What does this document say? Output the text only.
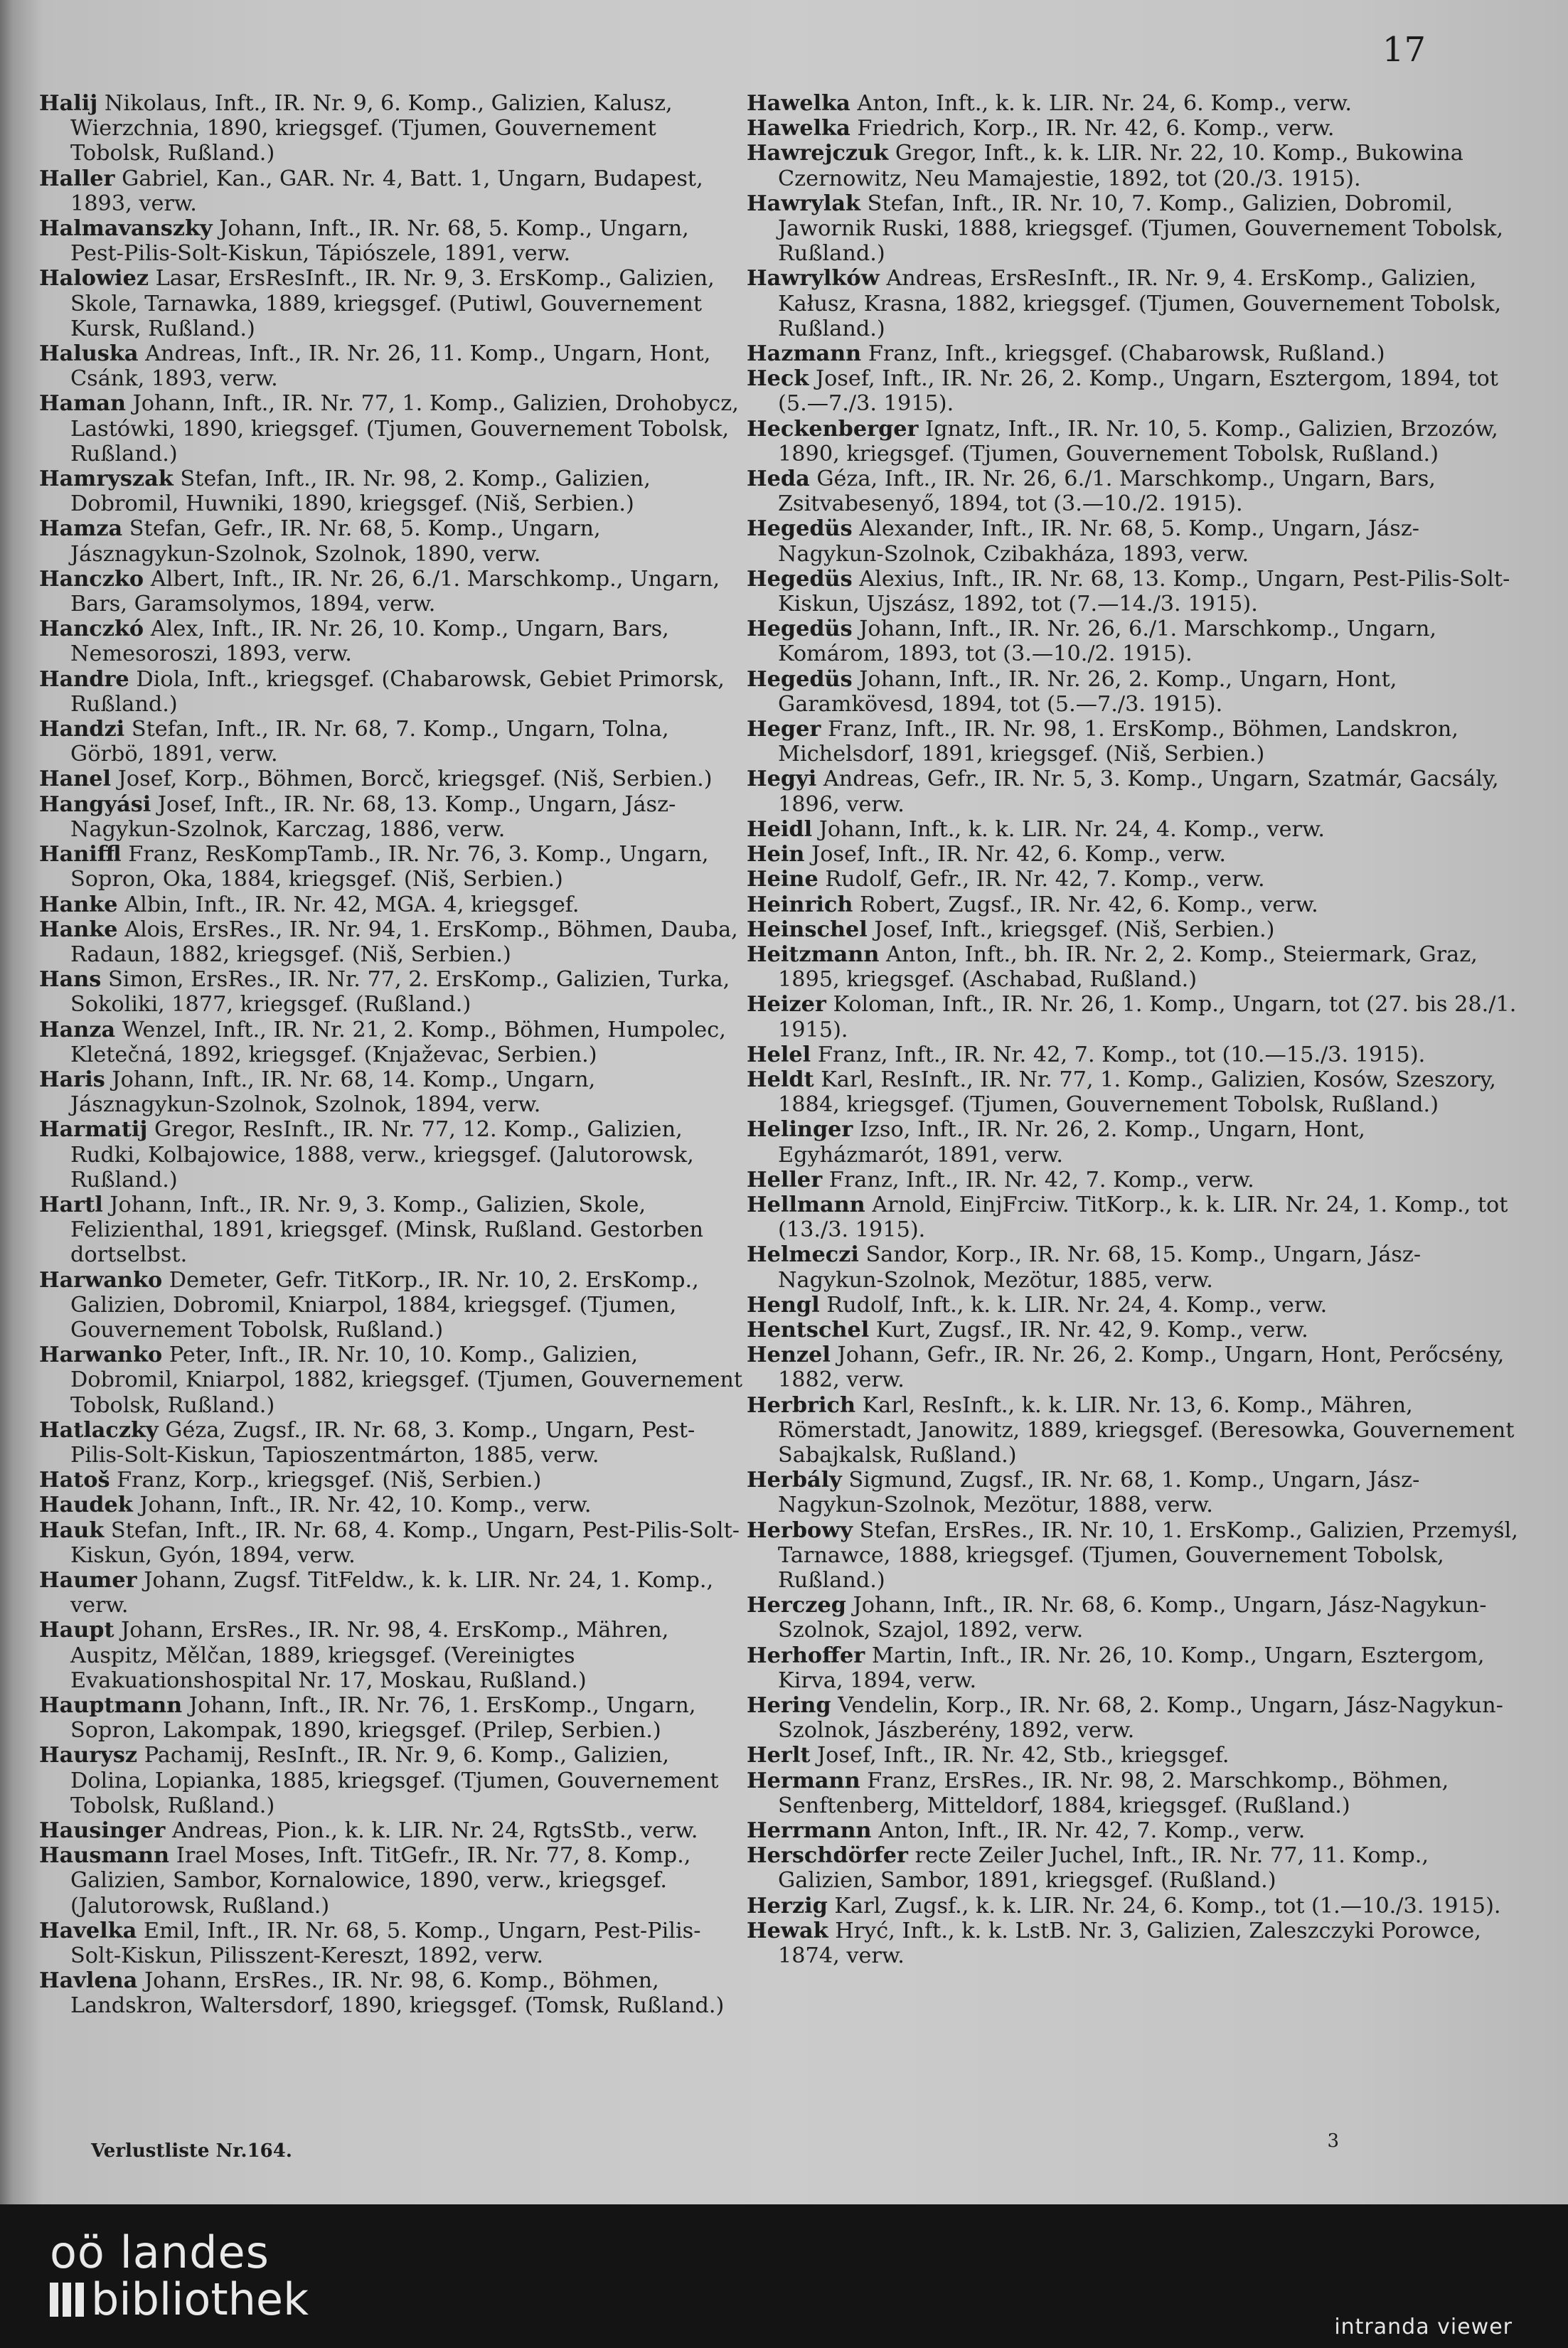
17
Halij Nikolaus, Inft., IR. Nr. 9, 6. Komp., Galizien, Kalusz, Wierzchnia, 1890, kriegsgef. (Tjumen, Gouvernement Tobolsk, Rußland.)
Haller Gabriel, Kan., GAR. Nr. 4, Batt. 1, Ungarn, Budapest, 1893, verw.
Halmavanszky Johann, Inft., IR. Nr. 68, 5. Komp., Ungarn, Pest-Pilis-Solt-Kiskun, Tápiószele, 1891, verw.
Halowiez Lasar, ErsResInft., IR. Nr. 9, 3. ErsKomp., Galizien, Skole, Tarnawka, 1889, kriegsgef. (Putiwl, Gouvernement Kursk, Rußland.)
Haluska Andreas, Inft., IR. Nr. 26, 11. Komp., Ungarn, Hont, Csánk, 1893, verw.
Haman Johann, Inft., IR. Nr. 77, 1. Komp., Galizien, Drohobycz, Lastówki, 1890, kriegsgef. (Tjumen, Gouvernement Tobolsk, Rußland.)
Hamryszak Stefan, Inft., IR. Nr. 98, 2. Komp., Galizien, Dobromil, Huwniki, 1890, kriegsgef. (Niš, Serbien.)
Hamza Stefan, Gefr., IR. Nr. 68, 5. Komp., Ungarn, Jásznagykun-Szolnok, Szolnok, 1890, verw.
Hanczko Albert, Inft., IR. Nr. 26, 6./1. Marschkomp., Ungarn, Bars, Garamsolymos, 1894, verw.
Hanczkó Alex, Inft., IR. Nr. 26, 10. Komp., Ungarn, Bars, Nemesoroszi, 1893, verw.
Handre Diola, Inft., kriegsgef. (Chabarowsk, Gebiet Primorsk, Rußland.)
Handzi Stefan, Inft., IR. Nr. 68, 7. Komp., Ungarn, Tolna, Görbö, 1891, verw.
Hanel Josef, Korp., Böhmen, Borcč, kriegsgef. (Niš, Serbien.)
Hangyási Josef, Inft., IR. Nr. 68, 13. Komp., Ungarn, Jász-Nagykun-Szolnok, Karczag, 1886, verw.
Haniffl Franz, ResKompTamb., IR. Nr. 76, 3. Komp., Ungarn, Sopron, Oka, 1884, kriegsgef. (Niš, Serbien.)
Hanke Albin, Inft., IR. Nr. 42, MGA. 4, kriegsgef.
Hanke Alois, ErsRes., IR. Nr. 94, 1. ErsKomp., Böhmen, Dauba, Radaun, 1882, kriegsgef. (Niš, Serbien.)
Hans Simon, ErsRes., IR. Nr. 77, 2. ErsKomp., Galizien, Turka, Sokoliki, 1877, kriegsgef. (Rußland.)
Hanza Wenzel, Inft., IR. Nr. 21, 2. Komp., Böhmen, Humpolec, Kletečná, 1892, kriegsgef. (Knjaževac, Serbien.)
Haris Johann, Inft., IR. Nr. 68, 14. Komp., Ungarn, Jásznagykun-Szolnok, Szolnok, 1894, verw.
Harmatij Gregor, ResInft., IR. Nr. 77, 12. Komp., Galizien, Rudki, Kolbajowice, 1888, verw., kriegsgef. (Jalutorowsk, Rußland.)
Hartl Johann, Inft., IR. Nr. 9, 3. Komp., Galizien, Skole, Felizienthal, 1891, kriegsgef. (Minsk, Rußland. Gestorben dortselbst.
Harwanko Demeter, Gefr. TitKorp., IR. Nr. 10, 2. ErsKomp., Galizien, Dobromil, Kniarpol, 1884, kriegsgef. (Tjumen, Gouvernement Tobolsk, Rußland.)
Harwanko Peter, Inft., IR. Nr. 10, 10. Komp., Galizien, Dobromil, Kniarpol, 1882, kriegsgef. (Tjumen, Gouvernement Tobolsk, Rußland.)
Hatlaczky Géza, Zugsf., IR. Nr. 68, 3. Komp., Ungarn, Pest-Pilis-Solt-Kiskun, Tapioszentmárton, 1885, verw.
Hatoš Franz, Korp., kriegsgef. (Niš, Serbien.)
Haudek Johann, Inft., IR. Nr. 42, 10. Komp., verw.
Hauk Stefan, Inft., IR. Nr. 68, 4. Komp., Ungarn, Pest-Pilis-Solt-Kiskun, Gyón, 1894, verw.
Haumer Johann, Zugsf. TitFeldw., k. k. LIR. Nr. 24, 1. Komp., verw.
Haupt Johann, ErsRes., IR. Nr. 98, 4. ErsKomp., Mähren, Auspitz, Mělčan, 1889, kriegsgef. (Vereinigtes Evakuationshospital Nr. 17, Moskau, Rußland.)
Hauptmann Johann, Inft., IR. Nr. 76, 1. ErsKomp., Ungarn, Sopron, Lakompak, 1890, kriegsgef. (Prilep, Serbien.)
Haurysz Pachamij, ResInft., IR. Nr. 9, 6. Komp., Galizien, Dolina, Lopianka, 1885, kriegsgef. (Tjumen, Gouvernement Tobolsk, Rußland.)
Hausinger Andreas, Pion., k. k. LIR. Nr. 24, RgtsStb., verw.
Hausmann Irael Moses, Inft. TitGefr., IR. Nr. 77, 8. Komp., Galizien, Sambor, Kornalowice, 1890, verw., kriegsgef. (Jalutorowsk, Rußland.)
Havelka Emil, Inft., IR. Nr. 68, 5. Komp., Ungarn, Pest-Pilis-Solt-Kiskun, Pilisszent-Kereszt, 1892, verw.
Havlena Johann, ErsRes., IR. Nr. 98, 6. Komp., Böhmen, Landskron, Waltersdorf, 1890, kriegsgef. (Tomsk, Rußland.)
Hawelka Anton, Inft., k. k. LIR. Nr. 24, 6. Komp., verw.
Hawelka Friedrich, Korp., IR. Nr. 42, 6. Komp., verw.
Hawrejczuk Gregor, Inft., k. k. LIR. Nr. 22, 10. Komp., Bukowina Czernowitz, Neu Mamajestie, 1892, tot (20./3. 1915).
Hawrylak Stefan, Inft., IR. Nr. 10, 7. Komp., Galizien, Dobromil, Jawornik Ruski, 1888, kriegsgef. (Tjumen, Gouvernement Tobolsk, Rußland.)
Hawrylków Andreas, ErsResInft., IR. Nr. 9, 4. ErsKomp., Galizien, Kałusz, Krasna, 1882, kriegsgef. (Tjumen, Gouvernement Tobolsk, Rußland.)
Hazmann Franz, Inft., kriegsgef. (Chabarowsk, Rußland.)
Heck Josef, Inft., IR. Nr. 26, 2. Komp., Ungarn, Esztergom, 1894, tot (5.—7./3. 1915).
Heckenberger Ignatz, Inft., IR. Nr. 10, 5. Komp., Galizien, Brzozów, 1890, kriegsgef. (Tjumen, Gouvernement Tobolsk, Rußland.)
Heda Géza, Inft., IR. Nr. 26, 6./1. Marschkomp., Ungarn, Bars, Zsitvabesenyő, 1894, tot (3.—10./2. 1915).
Hegedüs Alexander, Inft., IR. Nr. 68, 5. Komp., Ungarn, Jász-Nagykun-Szolnok, Czibakháza, 1893, verw.
Hegedüs Alexius, Inft., IR. Nr. 68, 13. Komp., Ungarn, Pest-Pilis-Solt-Kiskun, Ujszász, 1892, tot (7.—14./3. 1915).
Hegedüs Johann, Inft., IR. Nr. 26, 6./1. Marschkomp., Ungarn, Komárom, 1893, tot (3.—10./2. 1915).
Hegedüs Johann, Inft., IR. Nr. 26, 2. Komp., Ungarn, Hont, Garamkövesd, 1894, tot (5.—7./3. 1915).
Heger Franz, Inft., IR. Nr. 98, 1. ErsKomp., Böhmen, Landskron, Michelsdorf, 1891, kriegsgef. (Niš, Serbien.)
Hegyi Andreas, Gefr., IR. Nr. 5, 3. Komp., Ungarn, Szatmár, Gacsály, 1896, verw.
Heidl Johann, Inft., k. k. LIR. Nr. 24, 4. Komp., verw.
Hein Josef, Inft., IR. Nr. 42, 6. Komp., verw.
Heine Rudolf, Gefr., IR. Nr. 42, 7. Komp., verw.
Heinrich Robert, Zugsf., IR. Nr. 42, 6. Komp., verw.
Heinschel Josef, Inft., kriegsgef. (Niš, Serbien.)
Heitzmann Anton, Inft., bh. IR. Nr. 2, 2. Komp., Steiermark, Graz, 1895, kriegsgef. (Aschabad, Rußland.)
Heizer Koloman, Inft., IR. Nr. 26, 1. Komp., Ungarn, tot (27. bis 28./1. 1915).
Helel Franz, Inft., IR. Nr. 42, 7. Komp., tot (10.—15./3. 1915).
Heldt Karl, ResInft., IR. Nr. 77, 1. Komp., Galizien, Kosów, Szeszory, 1884, kriegsgef. (Tjumen, Gouvernement Tobolsk, Rußland.)
Helinger Izso, Inft., IR. Nr. 26, 2. Komp., Ungarn, Hont, Egyházmarót, 1891, verw.
Heller Franz, Inft., IR. Nr. 42, 7. Komp., verw.
Hellmann Arnold, EinjFrciw. TitKorp., k. k. LIR. Nr. 24, 1. Komp., tot (13./3. 1915).
Helmeczi Sandor, Korp., IR. Nr. 68, 15. Komp., Ungarn, Jász-Nagykun-Szolnok, Mezötur, 1885, verw.
Hengl Rudolf, Inft., k. k. LIR. Nr. 24, 4. Komp., verw.
Hentschel Kurt, Zugsf., IR. Nr. 42, 9. Komp., verw.
Henzel Johann, Gefr., IR. Nr. 26, 2. Komp., Ungarn, Hont, Perőcsény, 1882, verw.
Herbrich Karl, ResInft., k. k. LIR. Nr. 13, 6. Komp., Mähren, Römerstadt, Janowitz, 1889, kriegsgef. (Beresowka, Gouvernement Sabajkalsk, Rußland.)
Herbály Sigmund, Zugsf., IR. Nr. 68, 1. Komp., Ungarn, Jász-Nagykun-Szolnok, Mezötur, 1888, verw.
Herbowy Stefan, ErsRes., IR. Nr. 10, 1. ErsKomp., Galizien, Przemyśl, Tarnawce, 1888, kriegsgef. (Tjumen, Gouvernement Tobolsk, Rußland.)
Herczeg Johann, Inft., IR. Nr. 68, 6. Komp., Ungarn, Jász-Nagykun-Szolnok, Szajol, 1892, verw.
Herhoffer Martin, Inft., IR. Nr. 26, 10. Komp., Ungarn, Esztergom, Kirva, 1894, verw.
Hering Vendelin, Korp., IR. Nr. 68, 2. Komp., Ungarn, Jász-Nagykun-Szolnok, Jászberény, 1892, verw.
Herlt Josef, Inft., IR. Nr. 42, Stb., kriegsgef.
Hermann Franz, ErsRes., IR. Nr. 98, 2. Marschkomp., Böhmen, Senftenberg, Mitteldorf, 1884, kriegsgef. (Rußland.)
Herrmann Anton, Inft., IR. Nr. 42, 7. Komp., verw.
Herschdörfer recte Zeiler Juchel, Inft., IR. Nr. 77, 11. Komp., Galizien, Sambor, 1891, kriegsgef. (Rußland.)
Herzig Karl, Zugsf., k. k. LIR. Nr. 24, 6. Komp., tot (1.—10./3. 1915).
Hewak Hryć, Inft., k. k. LstB. Nr. 3, Galizien, Zaleszczyki Porowce, 1874, verw.
Verlustliste Nr.164.	3
oö landes
bibliothek
intranda viewer
